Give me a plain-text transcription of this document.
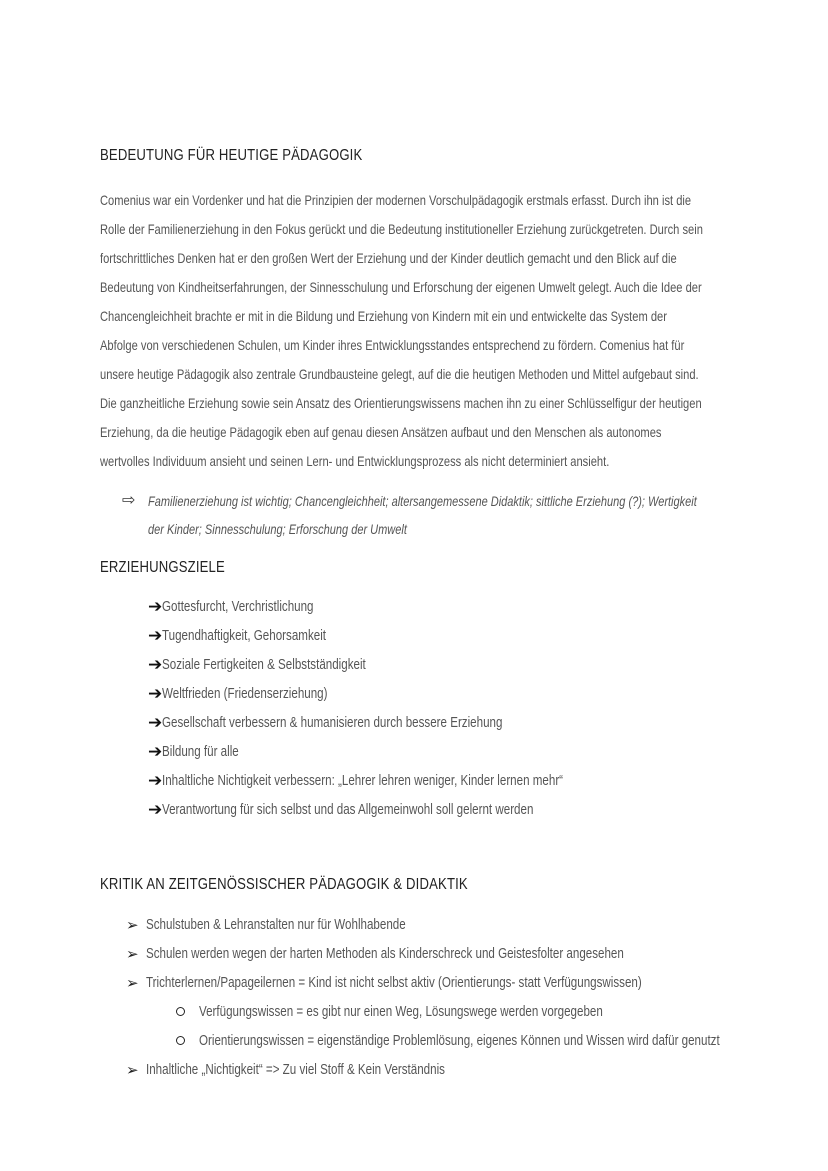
BEDEUTUNG FÜR HEUTIGE PÄDAGOGIK
Comenius war ein Vordenker und hat die Prinzipien der modernen Vorschulpädagogik erstmals erfasst. Durch ihn ist die
Rolle der Familienerziehung in den Fokus gerückt und die Bedeutung institutioneller Erziehung zurückgetreten. Durch sein
fortschrittliches Denken hat er den großen Wert der Erziehung und der Kinder deutlich gemacht und den Blick auf die
Bedeutung von Kindheitserfahrungen, der Sinnesschulung und Erforschung der eigenen Umwelt gelegt. Auch die Idee der
Chancengleichheit brachte er mit in die Bildung und Erziehung von Kindern mit ein und entwickelte das System der
Abfolge von verschiedenen Schulen, um Kinder ihres Entwicklungsstandes entsprechend zu fördern. Comenius hat für
unsere heutige Pädagogik also zentrale Grundbausteine gelegt, auf die die heutigen Methoden und Mittel aufgebaut sind.
Die ganzheitliche Erziehung sowie sein Ansatz des Orientierungswissens machen ihn zu einer Schlüsselfigur der heutigen
Erziehung, da die heutige Pädagogik eben auf genau diesen Ansätzen aufbaut und den Menschen als autonomes
wertvolles Individuum ansieht und seinen Lern- und Entwicklungsprozess als nicht determiniert ansieht.
⇨ Familienerziehung ist wichtig; Chancengleichheit; altersangemessene Didaktik; sittliche Erziehung (?); Wertigkeit
der Kinder; Sinnesschulung; Erforschung der Umwelt
ERZIEHUNGSZIELE
➔Gottesfurcht, Verchristlichung
➔Tugendhaftigkeit, Gehorsamkeit
➔Soziale Fertigkeiten & Selbstständigkeit
➔Weltfrieden (Friedenserziehung)
➔Gesellschaft verbessern & humanisieren durch bessere Erziehung
➔Bildung für alle
➔Inhaltliche Nichtigkeit verbessern: „Lehrer lehren weniger, Kinder lernen mehr“
➔Verantwortung für sich selbst und das Allgemeinwohl soll gelernt werden
KRITIK AN ZEITGENÖSSISCHER PÄDAGOGIK & DIDAKTIK
➢ Schulstuben & Lehranstalten nur für Wohlhabende
➢ Schulen werden wegen der harten Methoden als Kinderschreck und Geistesfolter angesehen
➢ Trichterlernen/Papageilernen = Kind ist nicht selbst aktiv (Orientierungs- statt Verfügungswissen)
Verfügungswissen = es gibt nur einen Weg, Lösungswege werden vorgegeben
Orientierungswissen = eigenständige Problemlösung, eigenes Können und Wissen wird dafür genutzt
➢ Inhaltliche „Nichtigkeit“ => Zu viel Stoff & Kein Verständnis
